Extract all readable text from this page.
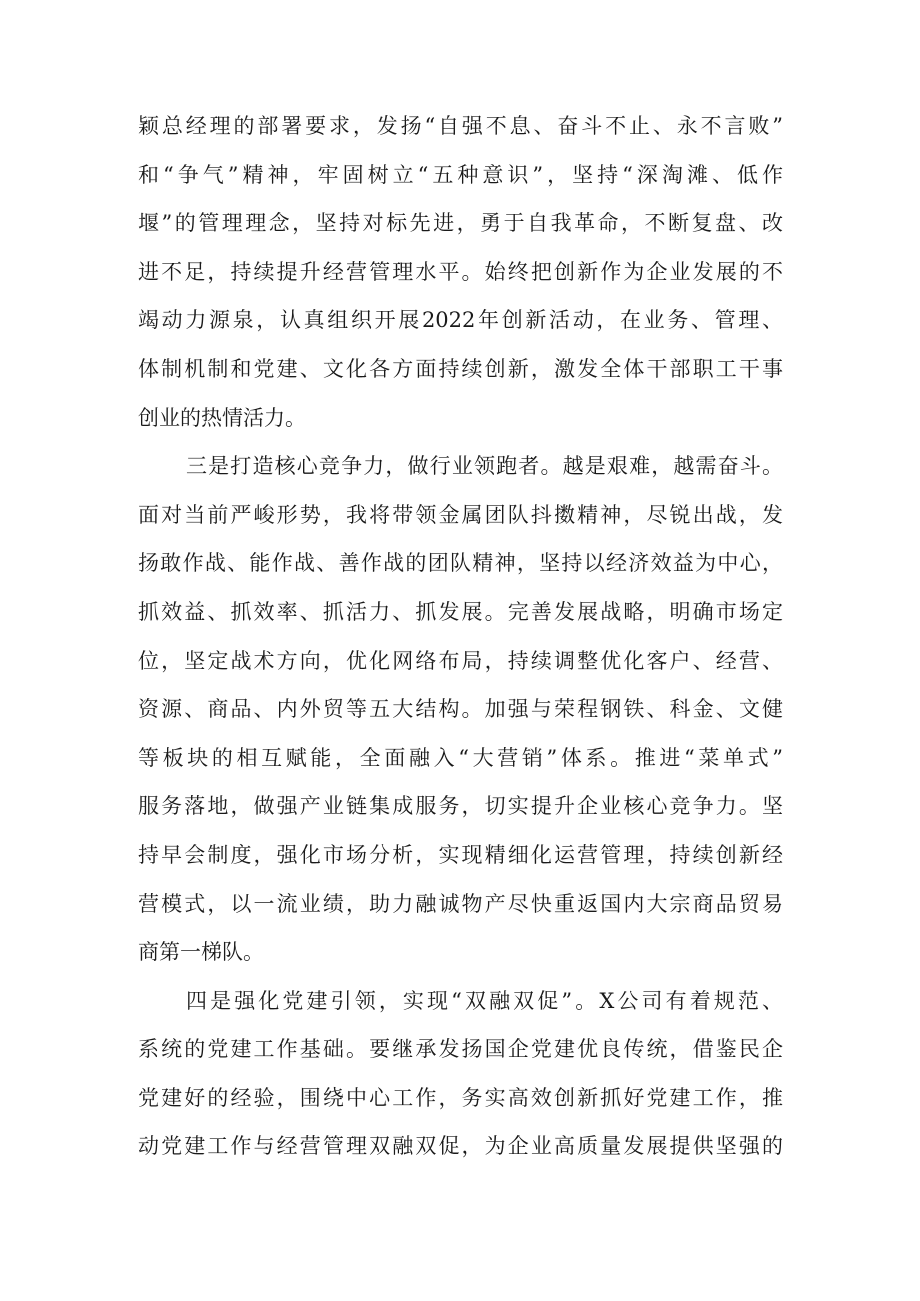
颖总经理的部署要求，发扬“自强不息、奋斗不止、永不言败”
和“争气”精神，牢固树立“五种意识”，坚持“深淘滩、低作
堰”的管理理念，坚持对标先进，勇于自我革命，不断复盘、改
进不足，持续提升经营管理水平。始终把创新作为企业发展的不
竭动力源泉，认真组织开展2022年创新活动，在业务、管理、
体制机制和党建、文化各方面持续创新，激发全体干部职工干事
创业的热情活力。
三是打造核心竞争力，做行业领跑者。越是艰难，越需奋斗。
面对当前严峻形势，我将带领金属团队抖擞精神，尽锐出战，发
扬敢作战、能作战、善作战的团队精神，坚持以经济效益为中心，
抓效益、抓效率、抓活力、抓发展。完善发展战略，明确市场定
位，坚定战术方向，优化网络布局，持续调整优化客户、经营、
资源、商品、内外贸等五大结构。加强与荣程钢铁、科金、文健
等板块的相互赋能，全面融入“大营销”体系。推进“菜单式”
服务落地，做强产业链集成服务，切实提升企业核心竞争力。坚
持早会制度，强化市场分析，实现精细化运营管理，持续创新经
营模式，以一流业绩，助力融诚物产尽快重返国内大宗商品贸易
商第一梯队。
四是强化党建引领，实现“双融双促”。X公司有着规范、
系统的党建工作基础。要继承发扬国企党建优良传统，借鉴民企
党建好的经验，围绕中心工作，务实高效创新抓好党建工作，推
动党建工作与经营管理双融双促，为企业高质量发展提供坚强的
